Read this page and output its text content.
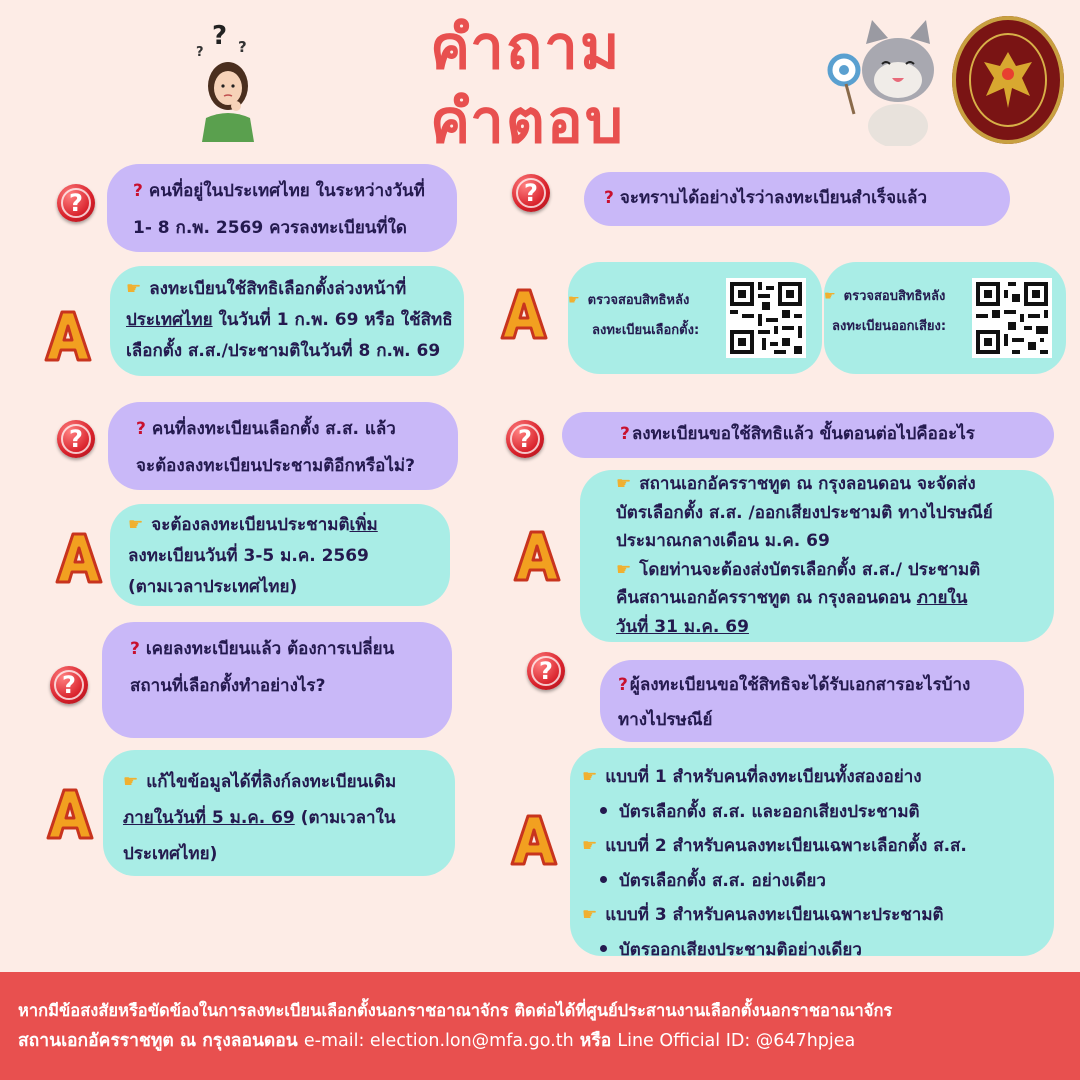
คำถาม
คำตอบ
?
? ?
?	? คนที่อยู่ในประเทศไทย ในระหว่างวันที่
1- 8 ก.พ. 2569 ควรลงทะเบียนที่ใด
☛ ลงทะเบียนใช้สิทธิเลือกตั้งล่วงหน้าที่
ประเทศไทย ในวันที่ 1 ก.พ. 69 หรือ ใช้สิทธิ
เลือกตั้ง ส.ส./ประชามติในวันที่ 8 ก.พ. 69
?	? คนที่ลงทะเบียนเลือกตั้ง ส.ส. แล้ว
จะต้องลงทะเบียนประชามติอีกหรือไม่?
☛ จะต้องลงทะเบียนประชามติเพิ่ม
ลงทะเบียนวันที่ 3-5 ม.ค. 2569
(ตามเวลาประเทศไทย)
?
? เคยลงทะเบียนแล้ว ต้องการเปลี่ยน
สถานที่เลือกตั้งทำอย่างไร?
☛ แก้ไขข้อมูลได้ที่ลิงก์ลงทะเบียนเดิม
ภายในวันที่ 5 ม.ค. 69 (ตามเวลาใน
ประเทศไทย)
?	? จะทราบได้อย่างไรว่าลงทะเบียนสำเร็จแล้ว
☛ ตรวจสอบสิทธิหลัง
ลงทะเบียนเลือกตั้ง:
☛ ตรวจสอบสิทธิหลัง
ลงทะเบียนออกเสียง:
?	? ลงทะเบียนขอใช้สิทธิแล้ว ขั้นตอนต่อไปคืออะไร
☛ สถานเอกอัครราชทูต ณ กรุงลอนดอน จะจัดส่ง
บัตรเลือกตั้ง ส.ส. /ออกเสียงประชามติ ทางไปรษณีย์
ประมาณกลางเดือน ม.ค. 69
☛ โดยท่านจะต้องส่งบัตรเลือกตั้ง ส.ส./ ประชามติ
คืนสถานเอกอัครราชทูต ณ กรุงลอนดอน ภายใน
วันที่ 31 ม.ค. 69
?	? ผู้ลงทะเบียนขอใช้สิทธิจะได้รับเอกสารอะไรบ้าง
ทางไปรษณีย์
☛ แบบที่ 1 สำหรับคนที่ลงทะเบียนทั้งสองอย่าง
บัตรเลือกตั้ง ส.ส. และออกเสียงประชามติ
☛ แบบที่ 2 สำหรับคนลงทะเบียนเฉพาะเลือกตั้ง ส.ส.
บัตรเลือกตั้ง ส.ส. อย่างเดียว
☛ แบบที่ 3 สำหรับคนลงทะเบียนเฉพาะประชามติ
บัตรออกเสียงประชามติอย่างเดียว
หากมีข้อสงสัยหรือขัดข้องในการลงทะเบียนเลือกตั้งนอกราชอาณาจักร ติดต่อได้ที่ศูนย์ประสานงานเลือกตั้งนอกราชอาณาจักร
สถานเอกอัครราชทูต ณ กรุงลอนดอน e-mail: election.lon@mfa.go.th หรือ Line Official ID: @647hpjea
